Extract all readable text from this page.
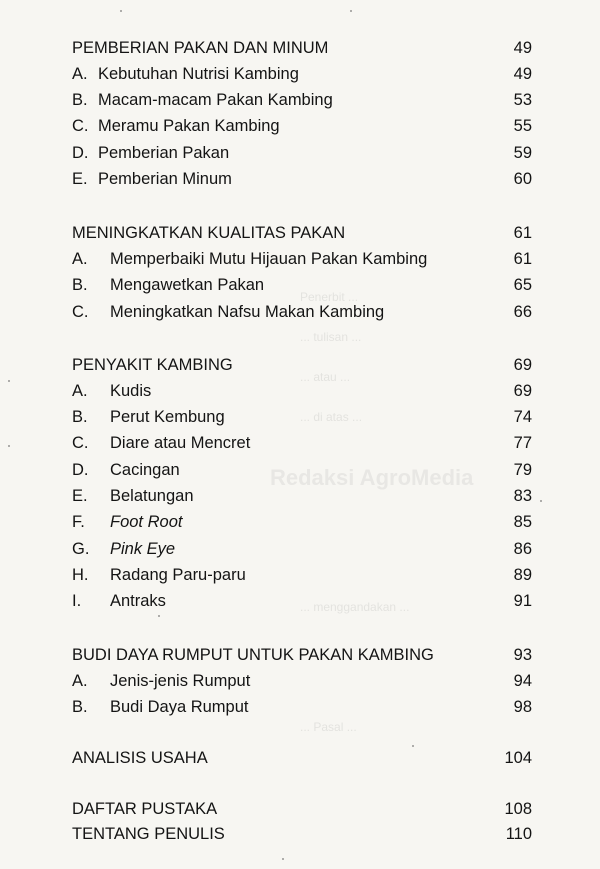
Redaksi AgroMedia
Penerbit ...
... tulisan ...
... atau ...
... di atas ...
... menggandakan ...
... Pasal ...
PEMBERIAN PAKAN DAN MINUM	49
A. Kebutuhan Nutrisi Kambing	49
B. Macam-macam Pakan Kambing	53
C. Meramu Pakan Kambing	55
D. Pemberian Pakan	59
E. Pemberian Minum	60
MENINGKATKAN KUALITAS PAKAN	61
A. Memperbaiki Mutu Hijauan Pakan Kambing	61
B. Mengawetkan Pakan	65
C. Meningkatkan Nafsu Makan Kambing	66
PENYAKIT KAMBING	69
A. Kudis	69
B. Perut Kembung	74
C. Diare atau Mencret	77
D. Cacingan	79
E. Belatungan	83
F. Foot Root	85
G. Pink Eye	86
H. Radang Paru-paru	89
I. Antraks	91
BUDI DAYA RUMPUT UNTUK PAKAN KAMBING	93
A. Jenis-jenis Rumput	94
B. Budi Daya Rumput	98
ANALISIS USAHA	104
DAFTAR PUSTAKA	108
TENTANG PENULIS	110
